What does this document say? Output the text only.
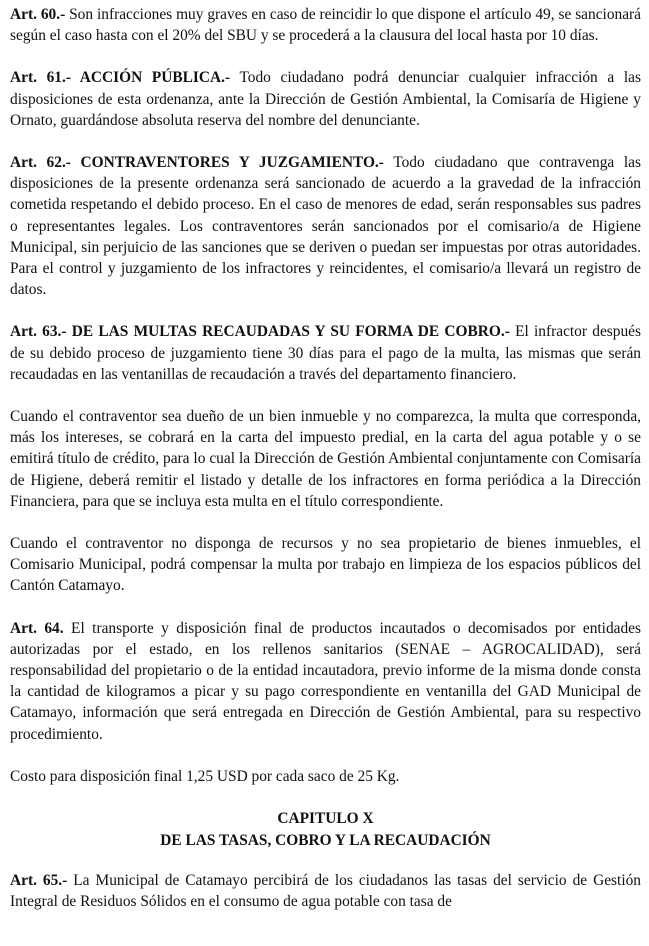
Art. 60.- Son infracciones muy graves en caso de reincidir lo que dispone el artículo 49, se sancionará según el caso hasta con el 20% del SBU y se procederá a la clausura del local hasta por 10 días.

Art. 61.- ACCIÓN PÚBLICA.- Todo ciudadano podrá denunciar cualquier infracción a las disposiciones de esta ordenanza, ante la Dirección de Gestión Ambiental, la Comisaría de Higiene y Ornato, guardándose absoluta reserva del nombre del denunciante.

Art. 62.- CONTRAVENTORES Y JUZGAMIENTO.- Todo ciudadano que contravenga las disposiciones de la presente ordenanza será sancionado de acuerdo a la gravedad de la infracción cometida respetando el debido proceso. En el caso de menores de edad, serán responsables sus padres o representantes legales. Los contraventores serán sancionados por el comisario/a de Higiene Municipal, sin perjuicio de las sanciones que se deriven o puedan ser impuestas por otras autoridades. Para el control y juzgamiento de los infractores y reincidentes, el comisario/a llevará un registro de datos.

Art. 63.- DE LAS MULTAS RECAUDADAS Y SU FORMA DE COBRO.- El infractor después de su debido proceso de juzgamiento tiene 30 días para el pago de la multa, las mismas que serán recaudadas en las ventanillas de recaudación a través del departamento financiero.

Cuando el contraventor sea dueño de un bien inmueble y no comparezca, la multa que corresponda, más los intereses, se cobrará en la carta del impuesto predial, en la carta del agua potable y o se emitirá título de crédito, para lo cual la Dirección de Gestión Ambiental conjuntamente con Comisaría de Higiene, deberá remitir el listado y detalle de los infractores en forma periódica a la Dirección Financiera, para que se incluya esta multa en el título correspondiente.

Cuando el contraventor no disponga de recursos y no sea propietario de bienes inmuebles, el Comisario Municipal, podrá compensar la multa por trabajo en limpieza de los espacios públicos del Cantón Catamayo.

Art. 64. El transporte y disposición final de productos incautados o decomisados por entidades autorizadas por el estado, en los rellenos sanitarios (SENAE – AGROCALIDAD), será responsabilidad del propietario o de la entidad incautadora, previo informe de la misma donde consta la cantidad de kilogramos a picar y su pago correspondiente en ventanilla del GAD Municipal de Catamayo, información que será entregada en Dirección de Gestión Ambiental, para su respectivo procedimiento.

Costo para disposición final 1,25 USD por cada saco de 25 Kg.

CAPITULO X
DE LAS TASAS, COBRO Y LA RECAUDACIÓN

Art. 65.- La Municipal de Catamayo percibirá de los ciudadanos las tasas del servicio de Gestión Integral de Residuos Sólidos en el consumo de agua potable con tasa de
